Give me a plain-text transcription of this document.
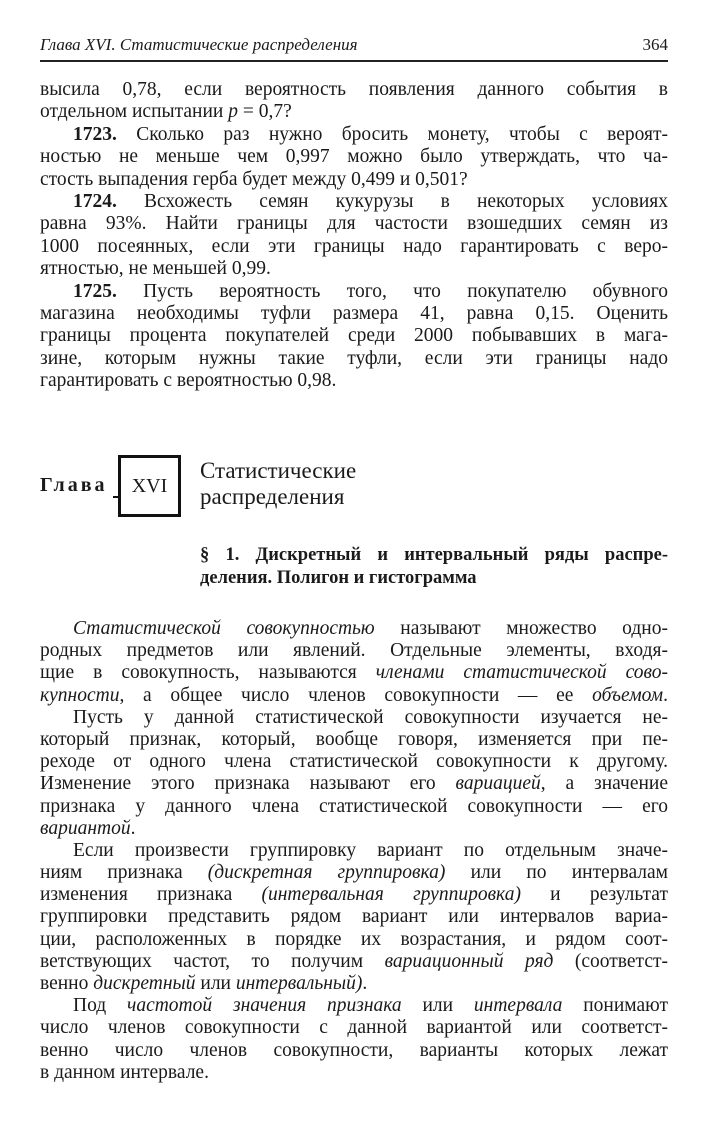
Глава XVI. Статистические распределения	364
высила 0,78, если вероятность появления данного события в
отдельном испытании p = 0,7?
1723. Сколько раз нужно бросить монету, чтобы с вероят-
ностью не меньше чем 0,997 можно было утверждать, что ча-
стость выпадения герба будет между 0,499 и 0,501?
1724. Всхожесть семян кукурузы в некоторых условиях
равна 93%. Найти границы для частости взошедших семян из
1000 посеянных, если эти границы надо гарантировать с веро-
ятностью, не меньшей 0,99.
1725. Пусть вероятность того, что покупателю обувного
магазина необходимы туфли размера 41, равна 0,15. Оценить
границы процента покупателей среди 2000 побывавших в мага-
зине, которым нужны такие туфли, если эти границы надо
гарантировать с вероятностью 0,98.
Глава XVI
Статистические
распределения
§ 1. Дискретный и интервальный ряды распре-
деления. Полигон и гистограмма
Статистической совокупностью называют множество одно-
родных предметов или явлений. Отдельные элементы, входя-
щие в совокупность, называются членами статистической сово-
купности, а общее число членов совокупности — ее объемом.
Пусть у данной статистической совокупности изучается не-
который признак, который, вообще говоря, изменяется при пе-
реходе от одного члена статистической совокупности к другому.
Изменение этого признака называют его вариацией, а значение
признака у данного члена статистической совокупности — его
вариантой.
Если произвести группировку вариант по отдельным значе-
ниям признака (дискретная группировка) или по интервалам
изменения признака (интервальная группировка) и результат
группировки представить рядом вариант или интервалов вариа-
ции, расположенных в порядке их возрастания, и рядом соот-
ветствующих частот, то получим вариационный ряд (соответст-
венно дискретный или интервальный).
Под частотой значения признака или интервала понимают
число членов совокупности с данной вариантой или соответст-
венно число членов совокупности, варианты которых лежат
в данном интервале.
